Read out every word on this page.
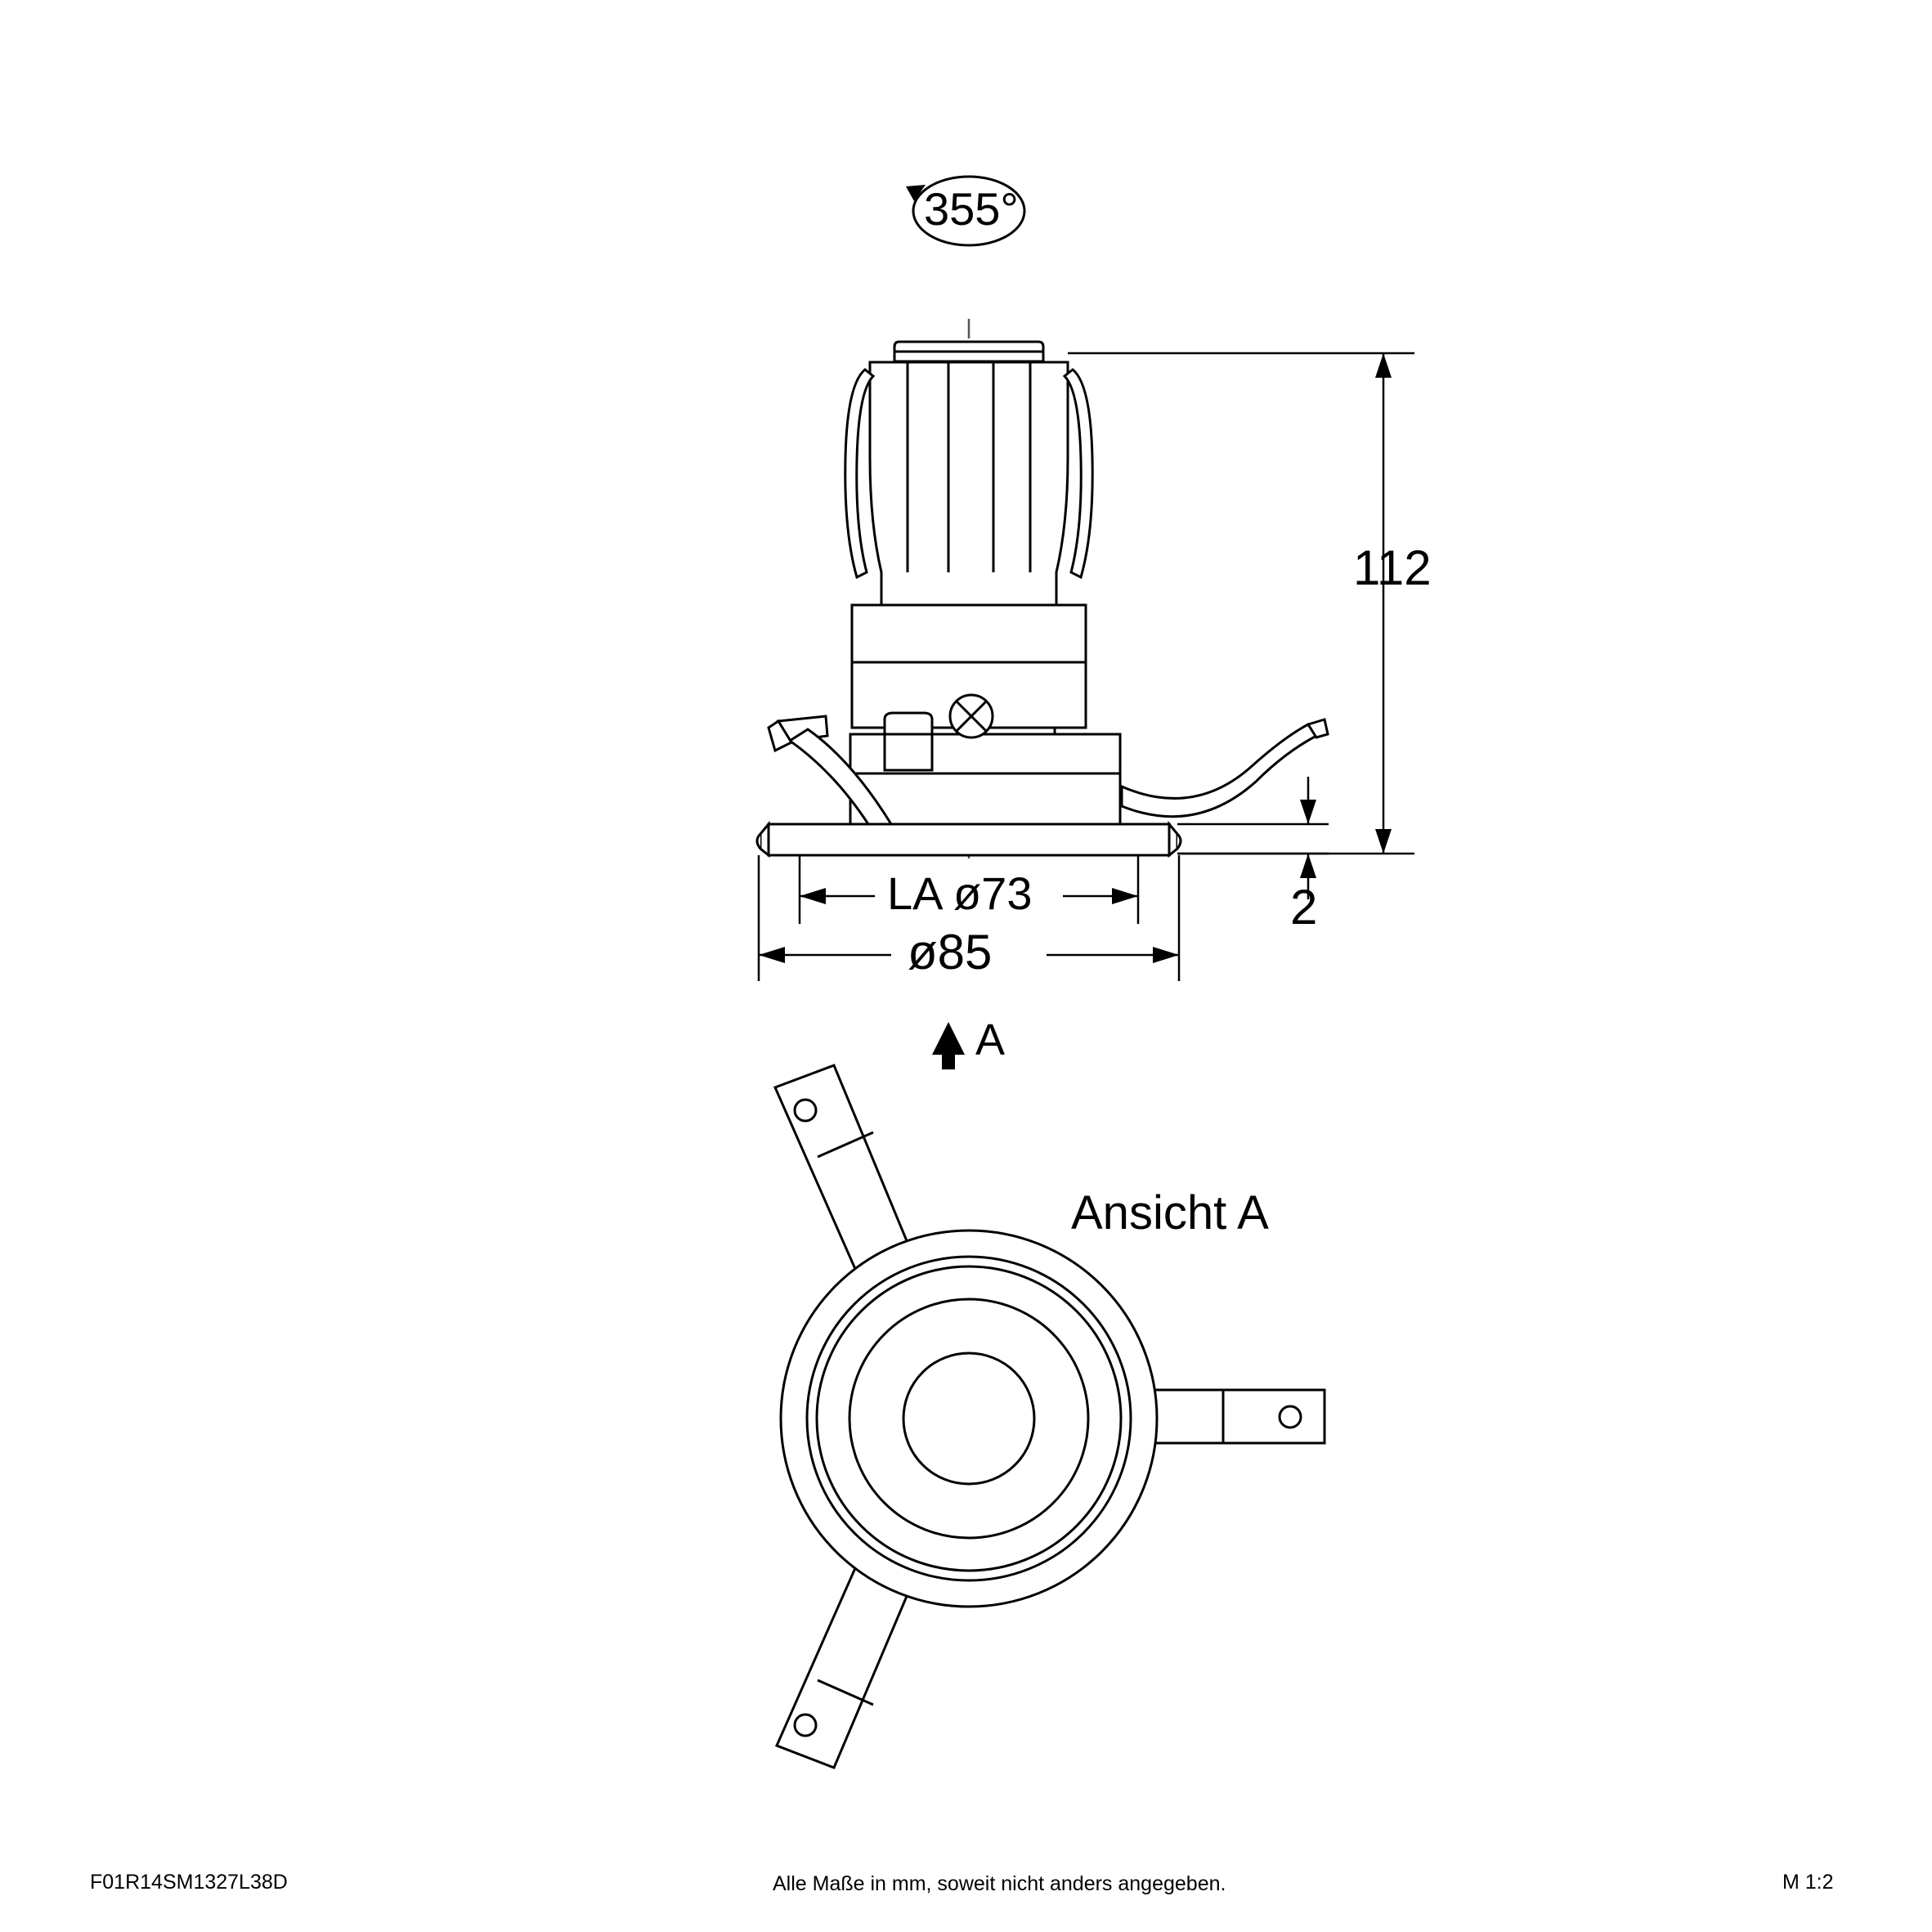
355°
112
2
LA ø73
ø85
A
Ansicht A
F01R14SM1327L38D	Alle Maße in mm, soweit nicht anders angegeben.	M 1:2
